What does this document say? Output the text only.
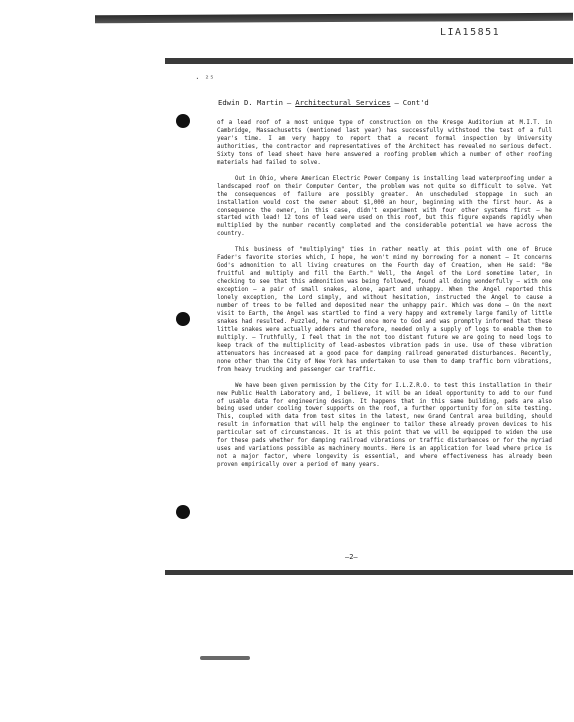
LIA15851
· ²⁵
Edwin D. Martin – Architectural Services – Cont'd

of a lead roof of a most unique type of construction on the Kresge Auditorium at M.I.T. in Cambridge, Massachusetts (mentioned last year) has successfully withstood the test of a full year's time. I am very happy to report that a recent formal inspection by University authorities, the contractor and representatives of the Architect has revealed no serious defect. Sixty tons of lead sheet have here answered a roofing problem which a number of other roofing materials had failed to solve.

Out in Ohio, where American Electric Power Company is installing lead waterproofing under a landscaped roof on their Computer Center, the problem was not quite so difficult to solve. Yet the consequences of failure are possibly greater. An unscheduled stoppage in such an installation would cost the owner about $1,000 an hour, beginning with the first hour. As a consequence the owner, in this case, didn't experiment with four other systems first — he started with lead! 12 tons of lead were used on this roof, but this figure expands rapidly when multiplied by the number recently completed and the considerable potential we have across the country.

This business of "multiplying" ties in rather neatly at this point with one of Bruce Fader's favorite stories which, I hope, he won't mind my borrowing for a moment — It concerns God's admonition to all living creatures on the Fourth day of Creation, when He said: "Be fruitful and multiply and fill the Earth." Well, the Angel of the Lord sometime later, in checking to see that this admonition was being followed, found all doing wonderfully — with one exception — a pair of small snakes, alone, apart and unhappy. When the Angel reported this lonely exception, the Lord simply, and without hesitation, instructed the Angel to cause a number of trees to be felled and deposited near the unhappy pair. Which was done — On the next visit to Earth, the Angel was startled to find a very happy and extremely large family of little snakes had resulted. Puzzled, he returned once more to God and was promptly informed that these little snakes were actually adders and therefore, needed only a supply of logs to enable them to multiply. — Truthfully, I feel that in the not too distant future we are going to need logs to keep track of the multiplicity of lead-asbestos vibration pads in use. Use of these vibration attenuators has increased at a good pace for damping railroad generated disturbances. Recently, none other than the City of New York has undertaken to use them to damp traffic born vibrations, from heavy trucking and passenger car traffic.

We have been given permission by the City for I.L.Z.R.O. to test this installation in their new Public Health Laboratory and, I believe, it will be an ideal opportunity to add to our fund of usable data for engineering design. It happens that in this same building, pads are also being used under cooling tower supports on the roof, a further opportunity for on site testing. This, coupled with data from test sites in the latest, new Grand Central area building, should result in information that will help the engineer to tailor these already proven devices to his particular set of circumstances. It is at this point that we will be equipped to widen the use for these pads whether for damping railroad vibrations or traffic disturbances or for the myriad uses and variations possible as machinery mounts. Here is an application for lead where price is not a major factor, where longevity is essential, and where effectiveness has already been proven empirically over a period of many years.

–2–
